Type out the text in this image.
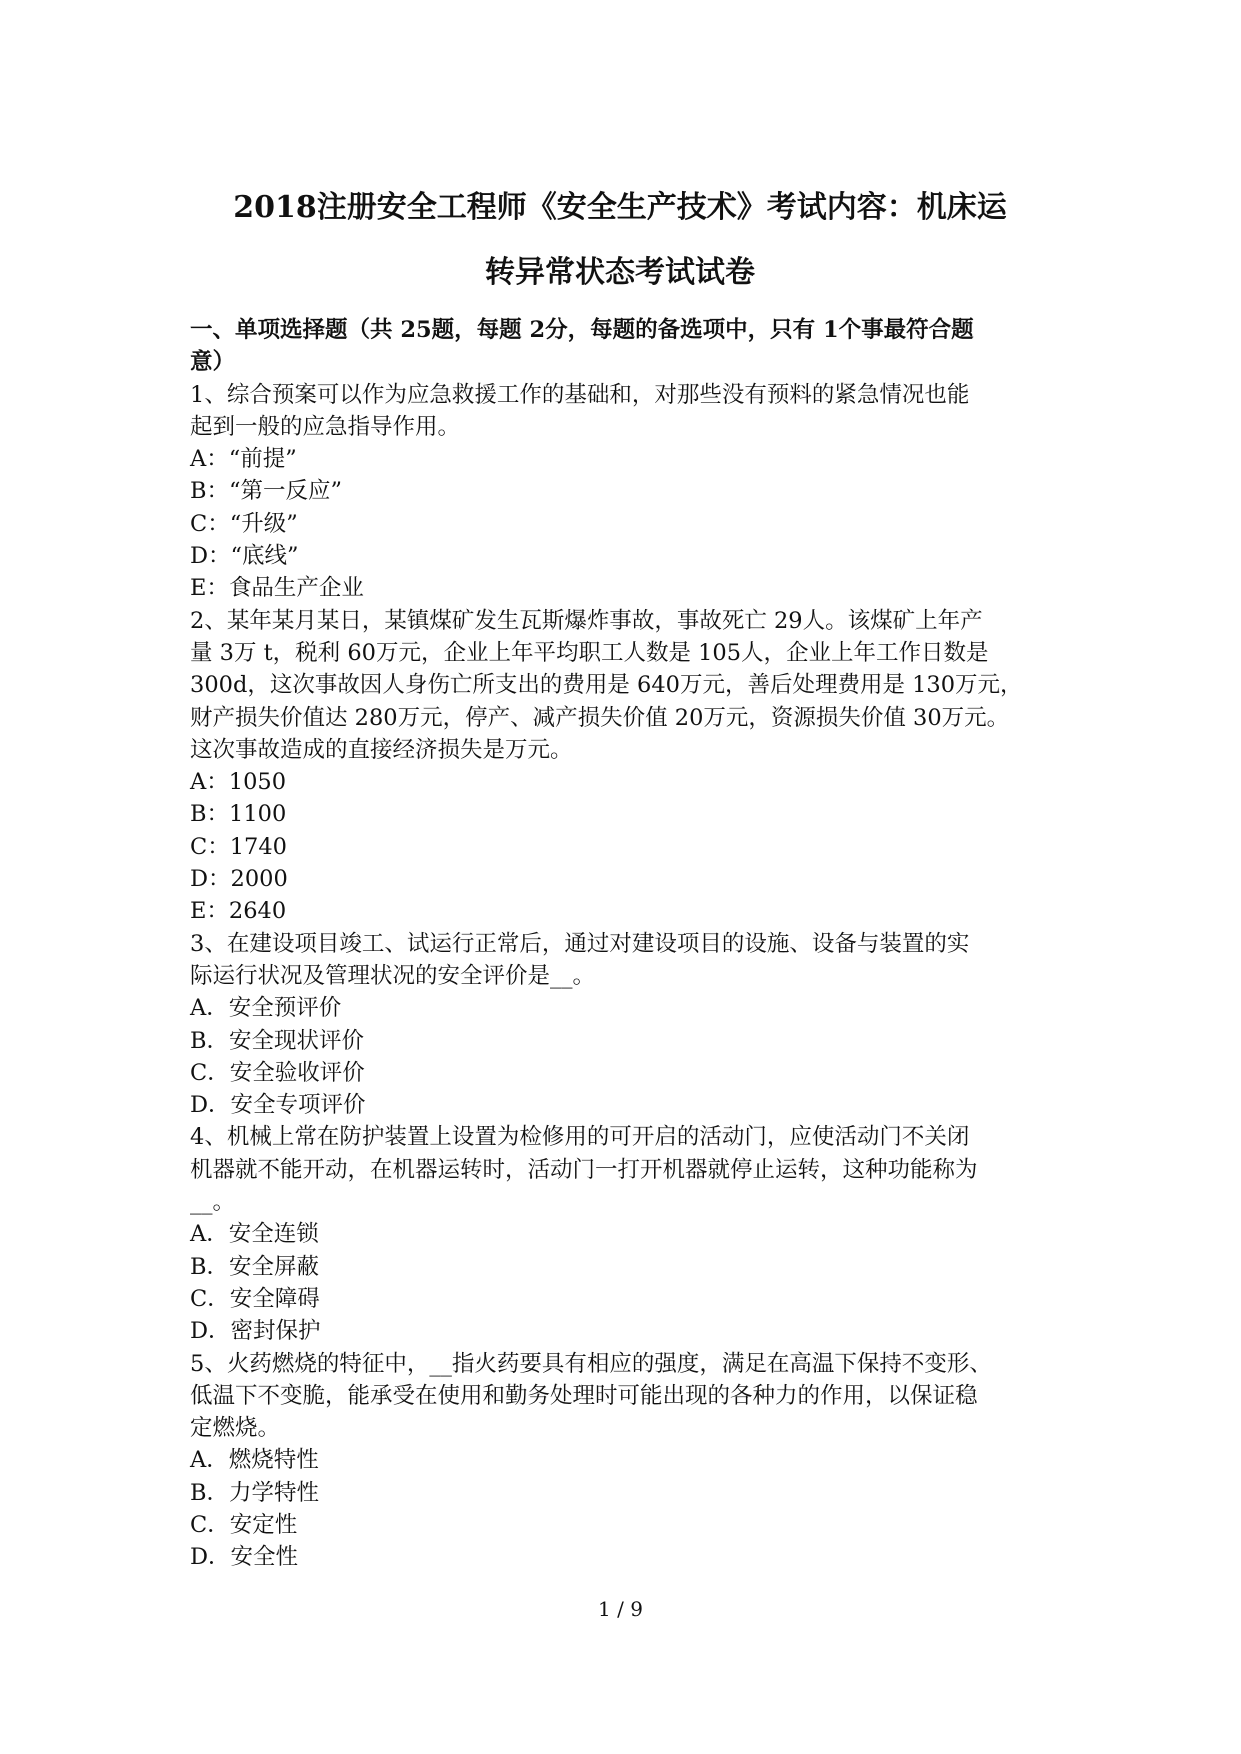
2018注册安全工程师《安全生产技术》考试内容：机床运
转异常状态考试试卷

一、单项选择题（共 25题，每题 2分，每题的备选项中，只有 1个事最符合题

意）

1、综合预案可以作为应急救援工作的基础和，对那些没有预料的紧急情况也能

起到一般的应急指导作用。

A：“前提”

B：“第一反应”

C：“升级”

D：“底线”

E：食品生产企业

2、某年某月某日，某镇煤矿发生瓦斯爆炸事故，事故死亡 29人。该煤矿上年产

量 3万 t，税利 60万元，企业上年平均职工人数是 105人，企业上年工作日数是

300d，这次事故因人身伤亡所支出的费用是 640万元，善后处理费用是 130万元，

财产损失价值达 280万元，停产、减产损失价值 20万元，资源损失价值 30万元。

这次事故造成的直接经济损失是万元。

A：1050

B：1100

C：1740

D：2000

E：2640

3、在建设项目竣工、试运行正常后，通过对建设项目的设施、设备与装置的实

际运行状况及管理状况的安全评价是__。

A．安全预评价

B．安全现状评价

C．安全验收评价

D．安全专项评价

4、机械上常在防护装置上设置为检修用的可开启的活动门，应使活动门不关闭

机器就不能开动，在机器运转时，活动门一打开机器就停止运转，这种功能称为

__。

A．安全连锁

B．安全屏蔽

C．安全障碍

D．密封保护

5、火药燃烧的特征中，__指火药要具有相应的强度，满足在高温下保持不变形、

低温下不变脆，能承受在使用和勤务处理时可能出现的各种力的作用，以保证稳

定燃烧。

A．燃烧特性

B．力学特性

C．安定性

D．安全性

1 / 9
